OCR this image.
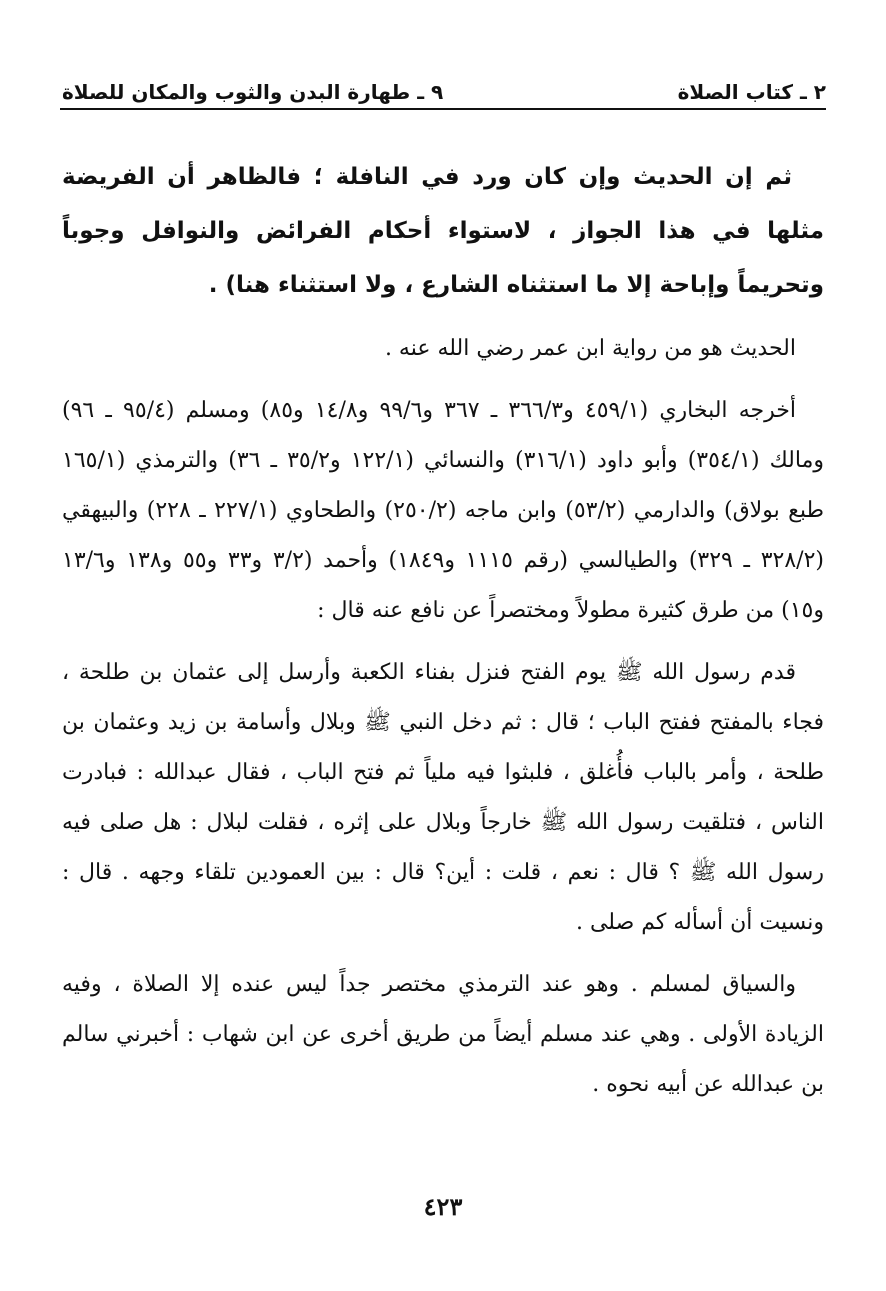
٢ ـ كتاب الصلاة
٩ ـ طهارة البدن والثوب والمكان للصلاة

ثم إن الحديث وإن كان ورد في النافلة ؛ فالظاهر أن الفريضة مثلها في هذا الجواز ، لاستواء أحكام الفرائض والنوافل وجوباً وتحريماً وإباحة إلا ما استثناه الشارع ، ولا استثناء هنا) .

الحديث هو من رواية ابن عمر رضي الله عنه .

أخرجه البخاري (٤٥٩/١ و٣٦٦/٣ ـ ٣٦٧ و٩٩/٦ و١٤/٨ و٨٥) ومسلم (٩٥/٤ ـ ٩٦) ومالك (٣٥٤/١) وأبو داود (٣١٦/١) والنسائي (١٢٢/١ و٣٥/٢ ـ ٣٦) والترمذي (١٦٥/١ طبع بولاق) والدارمي (٥٣/٢) وابن ماجه (٢٥٠/٢) والطحاوي (٢٢٧/١ ـ ٢٢٨) والبيهقي (٣٢٨/٢ ـ ٣٢٩) والطيالسي (رقم ١١١٥ و١٨٤٩) وأحمد (٣/٢ و٣٣ و٥٥ و١٣٨ و١٣/٦ و١٥) من طرق كثيرة مطولاً ومختصراً عن نافع عنه قال :

قدم رسول الله ﷺ يوم الفتح فنزل بفناء الكعبة وأرسل إلى عثمان بن طلحة ، فجاء بالمفتح ففتح الباب ؛ قال : ثم دخل النبي ﷺ وبلال وأسامة بن زيد وعثمان بن طلحة ، وأمر بالباب فأُغلق ، فلبثوا فيه ملياً ثم فتح الباب ، فقال عبدالله : فبادرت الناس ، فتلقيت رسول الله ﷺ خارجاً وبلال على إثره ، فقلت لبلال : هل صلى فيه رسول الله ﷺ ؟ قال : نعم ، قلت : أين؟ قال : بين العمودين تلقاء وجهه . قال : ونسيت أن أسأله كم صلى .

والسياق لمسلم . وهو عند الترمذي مختصر جداً ليس عنده إلا الصلاة ، وفيه الزيادة الأولى . وهي عند مسلم أيضاً من طريق أخرى عن ابن شهاب : أخبرني سالم بن عبدالله عن أبيه نحوه .

٤٢٣
